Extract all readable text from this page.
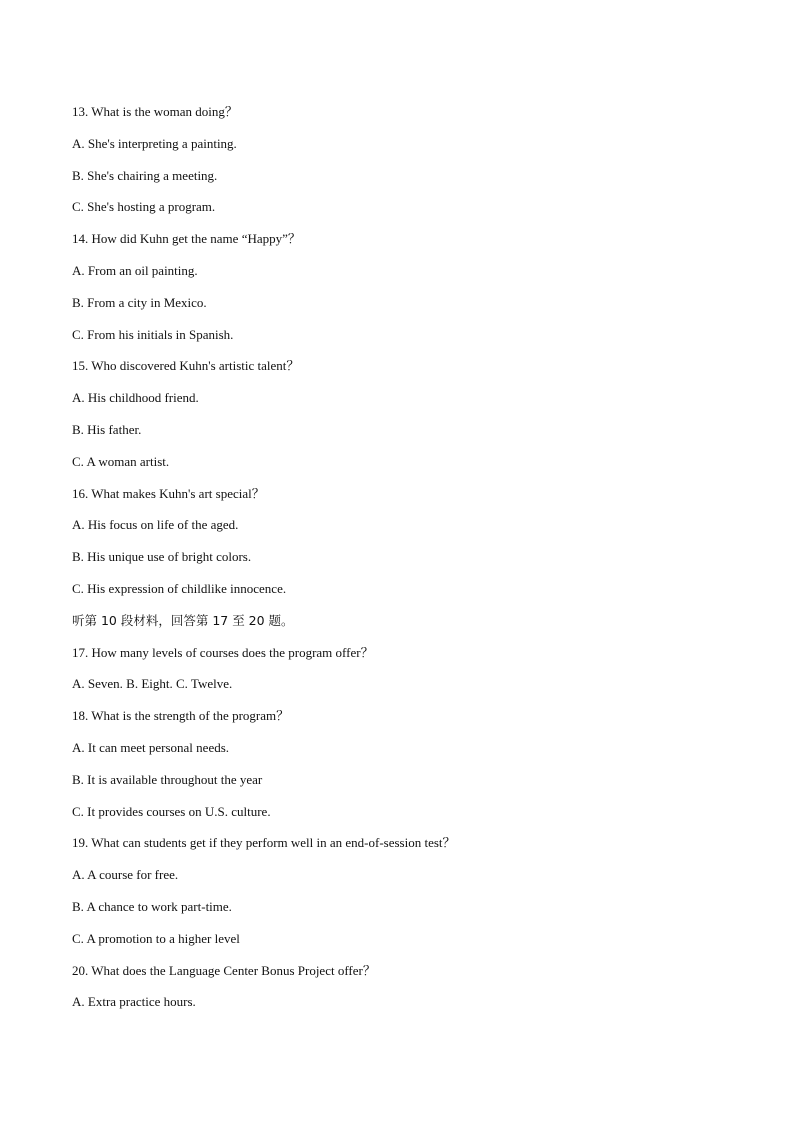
13. What is the woman doing？
A. She's interpreting a painting.
B. She's chairing a meeting.
C. She's hosting a program.
14. How did Kuhn get the name “Happy”？
A. From an oil painting.
B. From a city in Mexico.
C. From his initials in Spanish.
15. Who discovered Kuhn's artistic talent？
A. His childhood friend.
B. His father.
C. A woman artist.
16. What makes Kuhn's art special？
A. His focus on life of the aged.
B. His unique use of bright colors.
C. His expression of childlike innocence.
听第 10 段材料，回答第 17 至 20 题。
17. How many levels of courses does the program offer？
A. Seven. B. Eight. C. Twelve.
18. What is the strength of the program？
A. It can meet personal needs.
B. It is available throughout the year
C. It provides courses on U.S. culture.
19. What can students get if they perform well in an end-of-session test？
A. A course for free.
B. A chance to work part-time.
C. A promotion to a higher level
20. What does the Language Center Bonus Project offer？
A. Extra practice hours.
